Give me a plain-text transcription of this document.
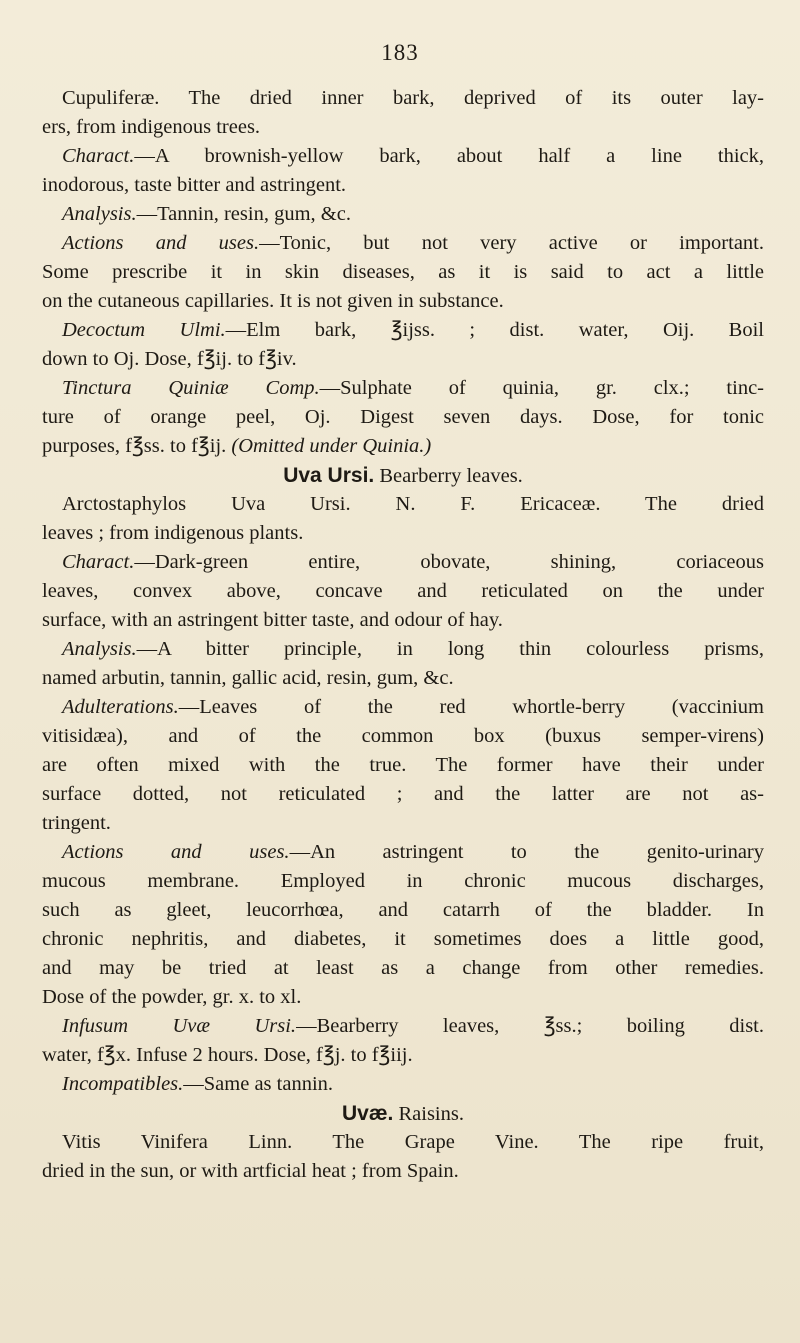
183
Cupuliferæ. The dried inner bark, deprived of its outer lay-
ers, from indigenous trees.
Charact.—A brownish-yellow bark, about half a line thick,
inodorous, taste bitter and astringent.
Analysis.—Tannin, resin, gum, &c.
Actions and uses.—Tonic, but not very active or important.
Some prescribe it in skin diseases, as it is said to act a little
on the cutaneous capillaries. It is not given in substance.
Decoctum Ulmi.—Elm bark, ℥ijss. ; dist. water, Oij. Boil
down to Oj. Dose, f℥ij. to f℥iv.
Tinctura Quiniæ Comp.—Sulphate of quinia, gr. clx.; tinc-
ture of orange peel, Oj. Digest seven days. Dose, for tonic
purposes, f℥ss. to f℥ij. (Omitted under Quinia.)
Uva Ursi. Bearberry leaves.
Arctostaphylos Uva Ursi. N. F. Ericaceæ. The dried
leaves ; from indigenous plants.
Charact.—Dark-green entire, obovate, shining, coriaceous
leaves, convex above, concave and reticulated on the under
surface, with an astringent bitter taste, and odour of hay.
Analysis.—A bitter principle, in long thin colourless prisms,
named arbutin, tannin, gallic acid, resin, gum, &c.
Adulterations.—Leaves of the red whortle-berry (vaccinium
vitisidæa), and of the common box (buxus semper-virens)
are often mixed with the true. The former have their under
surface dotted, not reticulated ; and the latter are not as-
tringent.
Actions and uses.—An astringent to the genito-urinary
mucous membrane. Employed in chronic mucous discharges,
such as gleet, leucorrhœa, and catarrh of the bladder. In
chronic nephritis, and diabetes, it sometimes does a little good,
and may be tried at least as a change from other remedies.
Dose of the powder, gr. x. to xl.
Infusum Uvæ Ursi.—Bearberry leaves, ℥ss.; boiling dist.
water, f℥x. Infuse 2 hours. Dose, f℥j. to f℥iij.
Incompatibles.—Same as tannin.
Uvæ. Raisins.
Vitis Vinifera Linn. The Grape Vine. The ripe fruit,
dried in the sun, or with artficial heat ; from Spain.
